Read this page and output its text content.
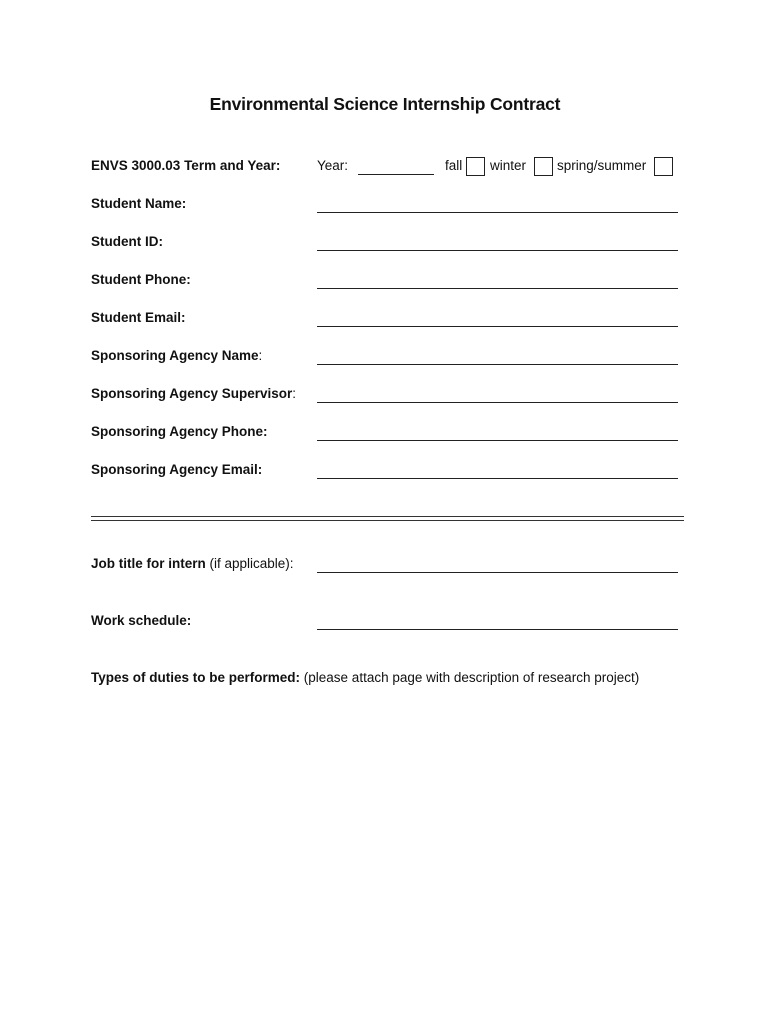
Environmental Science Internship Contract
ENVS 3000.03 Term and Year:	Year:	fall winter spring/summer
Student Name:
Student ID:
Student Phone:
Student Email:
Sponsoring Agency Name:
Sponsoring Agency Supervisor:
Sponsoring Agency Phone:
Sponsoring Agency Email:
Job title for intern (if applicable):
Work schedule:
Types of duties to be performed: (please attach page with description of research project)
